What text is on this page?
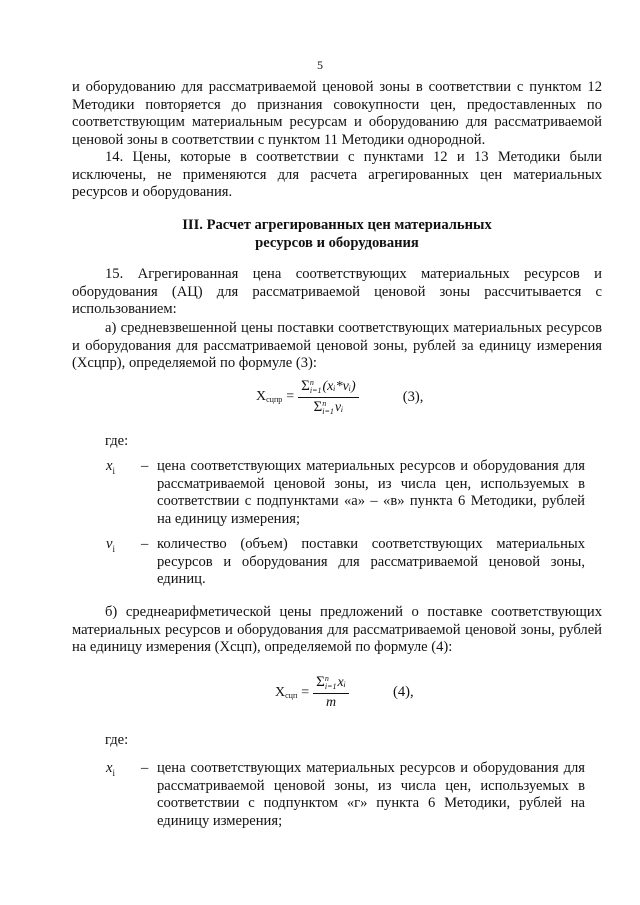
5

и оборудованию для рассматриваемой ценовой зоны в соответствии с пунктом 12 Методики повторяется до признания совокупности цен, предоставленных по соответствующим материальным ресурсам и оборудованию для рассматриваемой ценовой зоны в соответствии с пунктом 11 Методики однородной.

14. Цены, которые в соответствии с пунктами 12 и 13 Методики были исключены, не применяются для расчета агрегированных цен материальных ресурсов и оборудования.

III. Расчет агрегированных цен материальных
ресурсов и оборудования

15. Агрегированная цена соответствующих материальных ресурсов и оборудования (АЦ) для рассматриваемой ценовой зоны рассчитывается с использованием:

а) средневзвешенной цены поставки соответствующих материальных ресурсов и оборудования для рассматриваемой ценовой зоны, рублей за единицу измерения (Xсцпр), определяемой по формуле (3):

$X_{сцпр} = \Sigma$ n
i=1 (xᵢ*vᵢ)
Σ n
i=1 vᵢ	(3),
где:
$x_i$ – цена соответствующих материальных ресурсов и оборудования для рассматриваемой ценовой зоны, из числа цен, используемых в соответствии с подпунктами «а» – «в» пункта 6 Методики, рублей на единицу измерения;

$v_i$ – количество (объем) поставки соответствующих материальных ресурсов и оборудования для рассматриваемой ценовой зоны, единиц.

б) среднеарифметической цены предложений о поставке соответствующих материальных ресурсов и оборудования для рассматриваемой ценовой зоны, рублей на единицу измерения (Xсцп), определяемой по формуле (4):

$X_{сцп} = \Sigma$ n
i=1 xᵢ
m	(4),
где:
$x_i$ – цена соответствующих материальных ресурсов и оборудования для рассматриваемой ценовой зоны, из числа цен, используемых в соответствии с подпунктом «г» пункта 6 Методики, рублей на единицу измерения;
